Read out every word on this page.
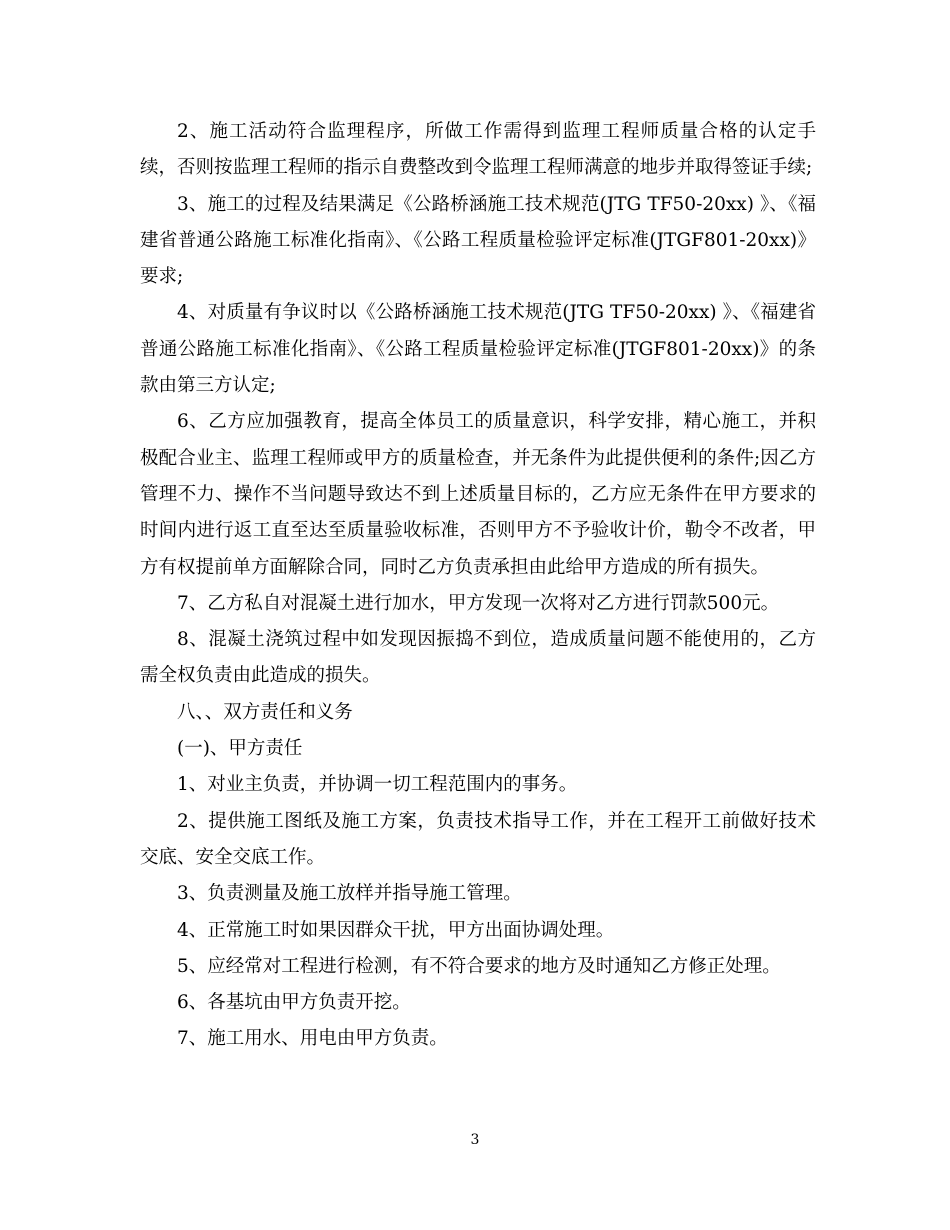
2、施工活动符合监理程序，所做工作需得到监理工程师质量合格的认定手续，否则按监理工程师的指示自费整改到令监理工程师满意的地步并取得签证手续;

3、施工的过程及结果满足《公路桥涵施工技术规范(JTG TF50-20xx) 》、《福建省普通公路施工标准化指南》、《公路工程质量检验评定标准(JTGF801-20xx)》要求;

4、对质量有争议时以《公路桥涵施工技术规范(JTG TF50-20xx) 》、《福建省普通公路施工标准化指南》、《公路工程质量检验评定标准(JTGF801-20xx)》的条款由第三方认定;

6、乙方应加强教育，提高全体员工的质量意识，科学安排，精心施工，并积极配合业主、监理工程师或甲方的质量检查，并无条件为此提供便利的条件;因乙方管理不力、操作不当问题导致达不到上述质量目标的，乙方应无条件在甲方要求的时间内进行返工直至达至质量验收标准，否则甲方不予验收计价，勒令不改者，甲方有权提前单方面解除合同，同时乙方负责承担由此给甲方造成的所有损失。

7、乙方私自对混凝土进行加水，甲方发现一次将对乙方进行罚款500元。

8、混凝土浇筑过程中如发现因振捣不到位，造成质量问题不能使用的，乙方需全权负责由此造成的损失。

八、、双方责任和义务

(一)、甲方责任

1、对业主负责，并协调一切工程范围内的事务。

2、提供施工图纸及施工方案，负责技术指导工作，并在工程开工前做好技术交底、安全交底工作。

3、负责测量及施工放样并指导施工管理。

4、正常施工时如果因群众干扰，甲方出面协调处理。

5、应经常对工程进行检测，有不符合要求的地方及时通知乙方修正处理。

6、各基坑由甲方负责开挖。

7、施工用水、用电由甲方负责。

3
